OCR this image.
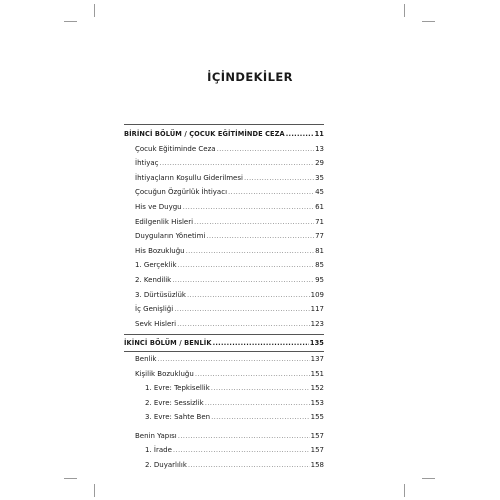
İÇİNDEKİLER
BİRİNCİ BÖLÜM / ÇOCUK EĞİTİMİNDE CEZA .....	11
Çocuk Eğitiminde Ceza .....	13
İhtiyaç .....	29
İhtiyaçların Koşullu Giderilmesi .....	35
Çocuğun Özgürlük İhtiyacı .....	45
His ve Duygu .....	61
Edilgenlik Hisleri .....	71
Duyguların Yönetimi .....	77
His Bozukluğu .....	81
1. Gerçeklik .....	85
2. Kendilik .....	95
3. Dürtüsüzlük .....	109
İç Genişliği .....	117
Sevk Hisleri .....	123
İKİNCİ BÖLÜM / BENLİK .....	135
Benlik .....	137
Kişilik Bozukluğu .....	151
1. Evre: Tepkisellik .....	152
2. Evre: Sessizlik .....	153
3. Evre: Sahte Ben .....	155
Benin Yapısı .....	157
1. İrade .....	157
2. Duyarlılık .....	158
